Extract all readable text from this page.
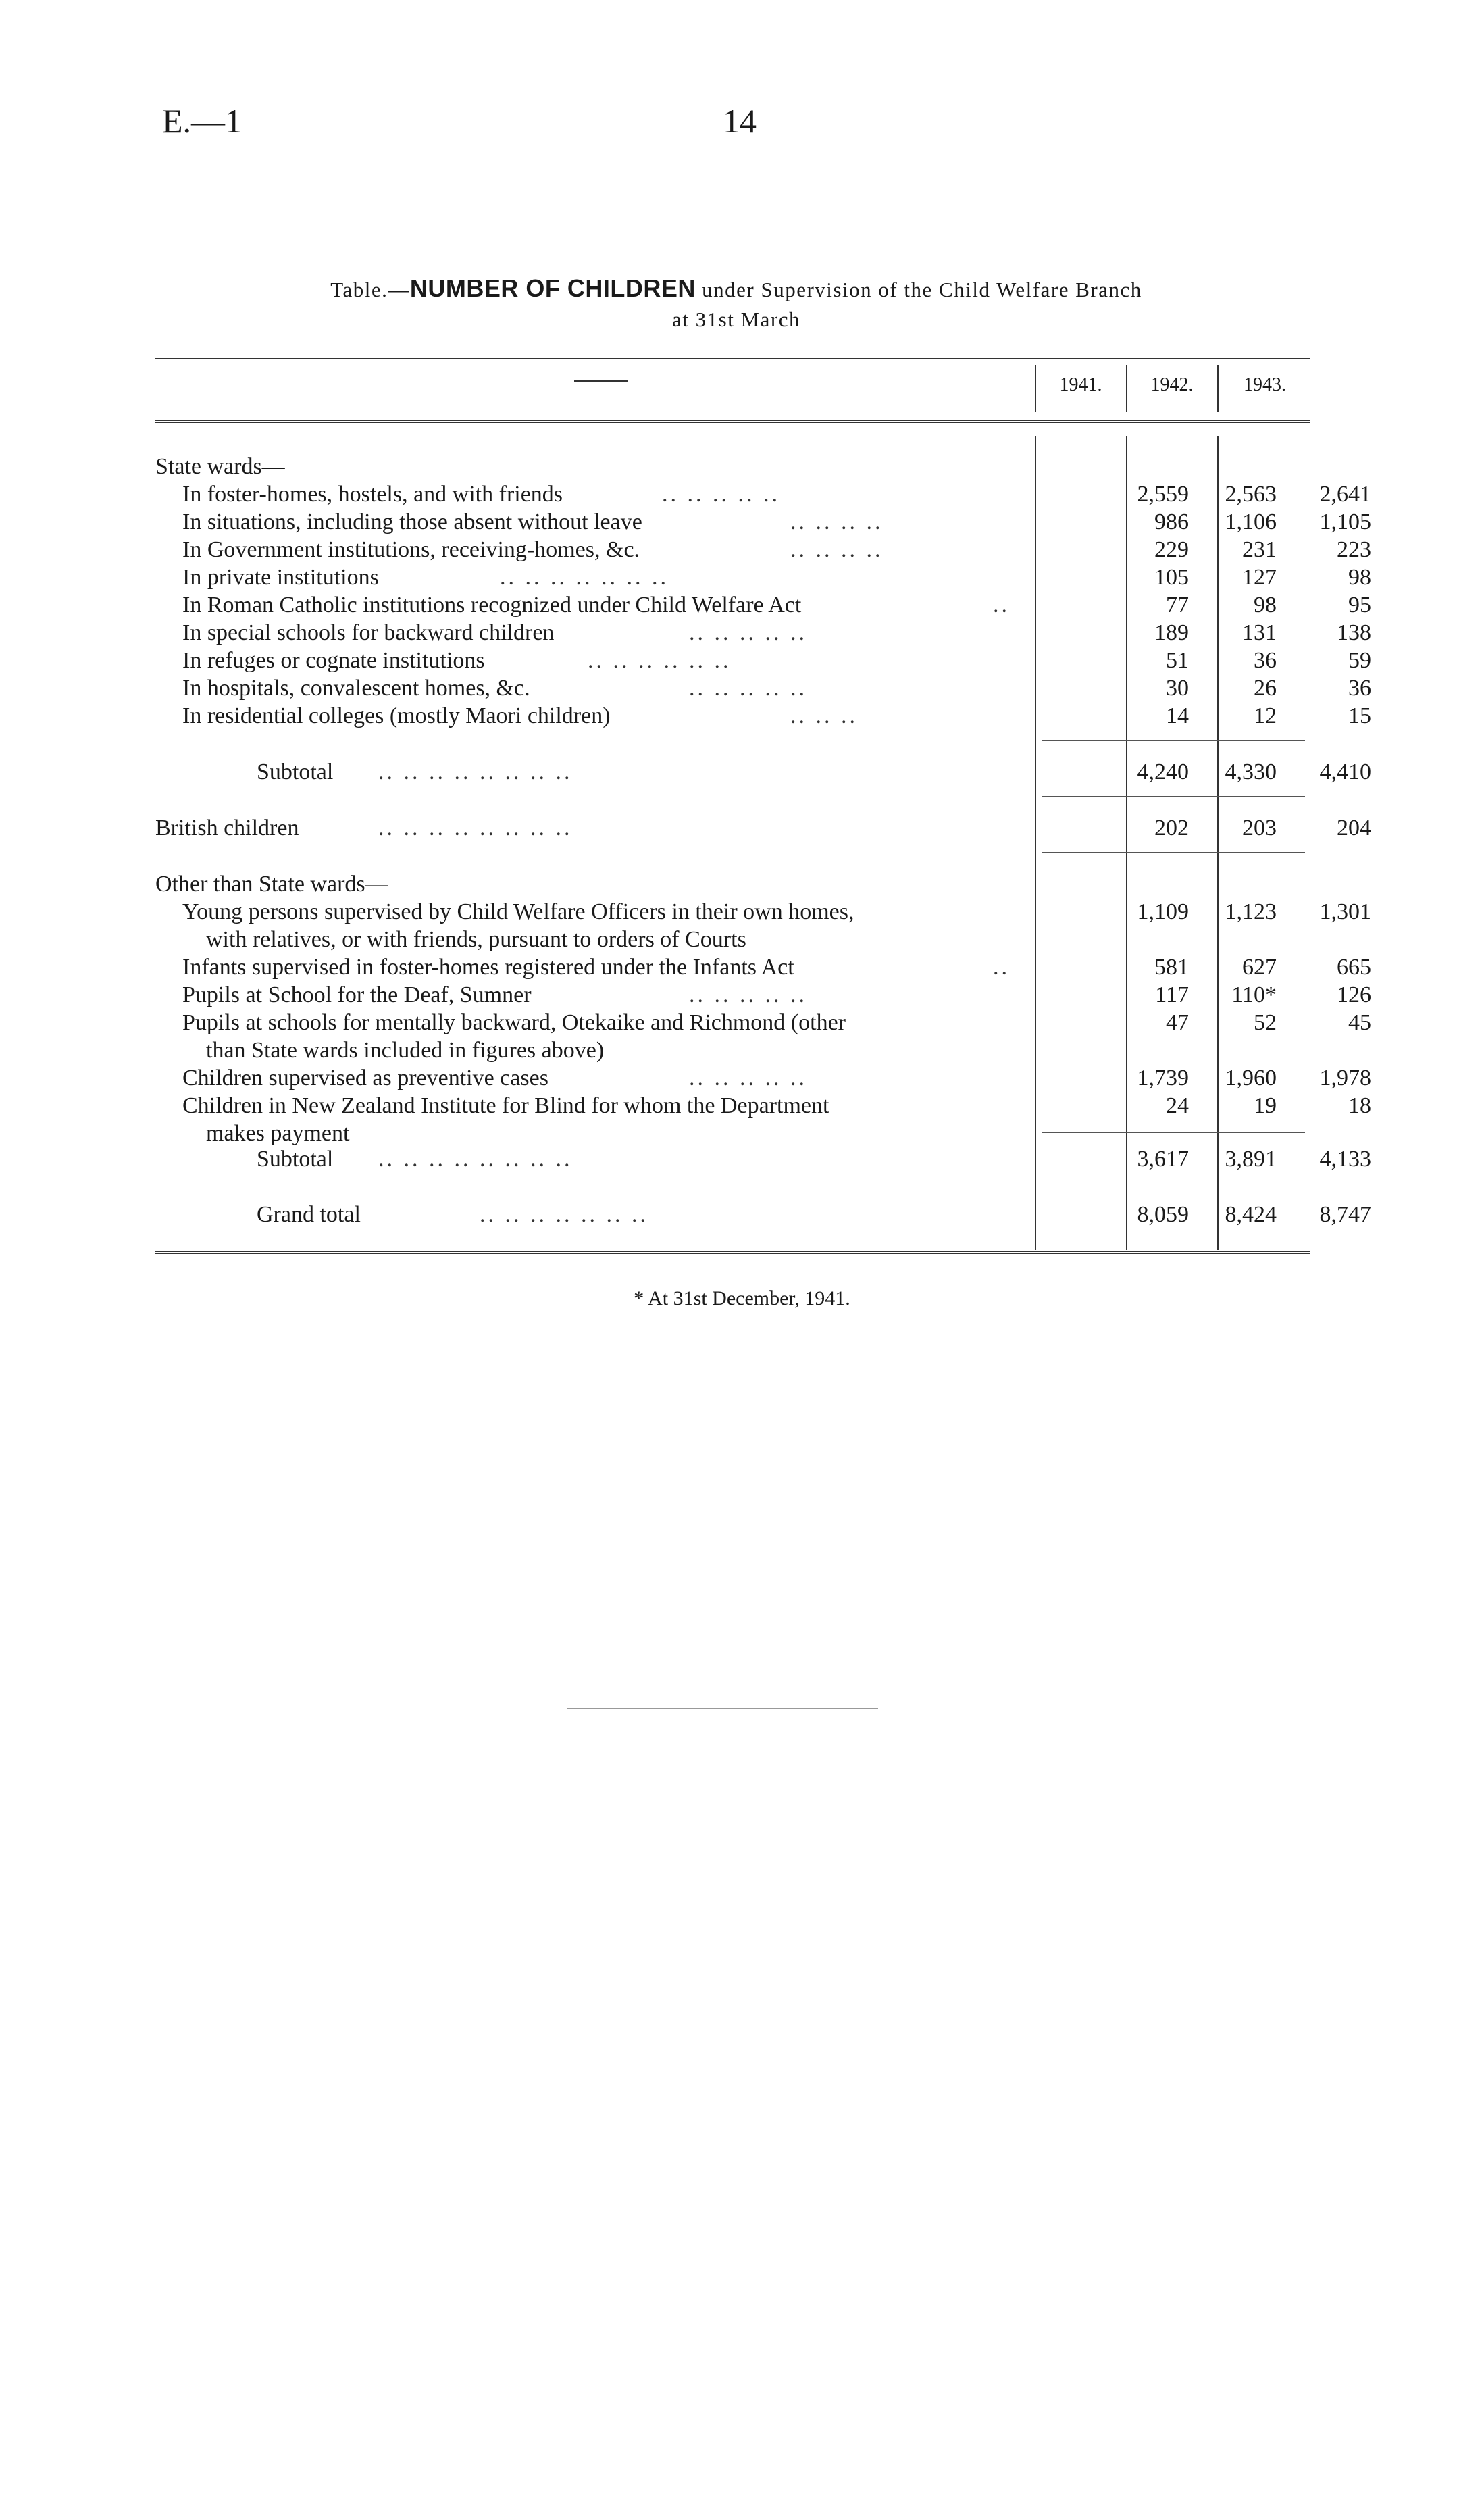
E.—1	14
Table.—NUMBER OF CHILDREN under Supervision of the Child Welfare Branch
at 31st March
1941.	1942.	1943.
State wards—
In foster-homes, hostels, and with friends	.. .. .. .. ..	2,559	2,563	2,641
In situations, including those absent without leave	.. .. .. ..	986	1,106	1,105
In Government institutions, receiving-homes, &c.	.. .. .. ..	229	231	223
In private institutions	.. .. .. .. .. .. ..	105	127	98
In Roman Catholic institutions recognized under Child Welfare Act	..	77	98	95
In special schools for backward children	.. .. .. .. ..	189	131	138
In refuges or cognate institutions	.. .. .. .. .. ..	51	36	59
In hospitals, convalescent homes, &c.	.. .. .. .. ..	30	26	36
In residential colleges (mostly Maori children)	.. .. ..	14	12	15
Subtotal .. .. .. .. .. .. .. ..	4,240	4,330	4,410
British children	.. .. .. .. .. .. .. ..	202	203	204
Other than State wards—
Young persons supervised by Child Welfare Officers in their own homes,	1,109	1,123	1,301
with relatives, or with friends, pursuant to orders of Courts
Infants supervised in foster-homes registered under the Infants Act	..	581	627	665
Pupils at School for the Deaf, Sumner	.. .. .. .. ..	117	110*	126
Pupils at schools for mentally backward, Otekaike and Richmond (other	47	52	45
than State wards included in figures above)
Children supervised as preventive cases	.. .. .. .. ..	1,739	1,960	1,978
Children in New Zealand Institute for Blind for whom the Department	24	19	18
makes payment
Subtotal .. .. .. .. .. .. .. ..	3,617	3,891	4,133
Grand total	.. .. .. .. .. .. ..	8,059	8,424	8,747
* At 31st December, 1941.
